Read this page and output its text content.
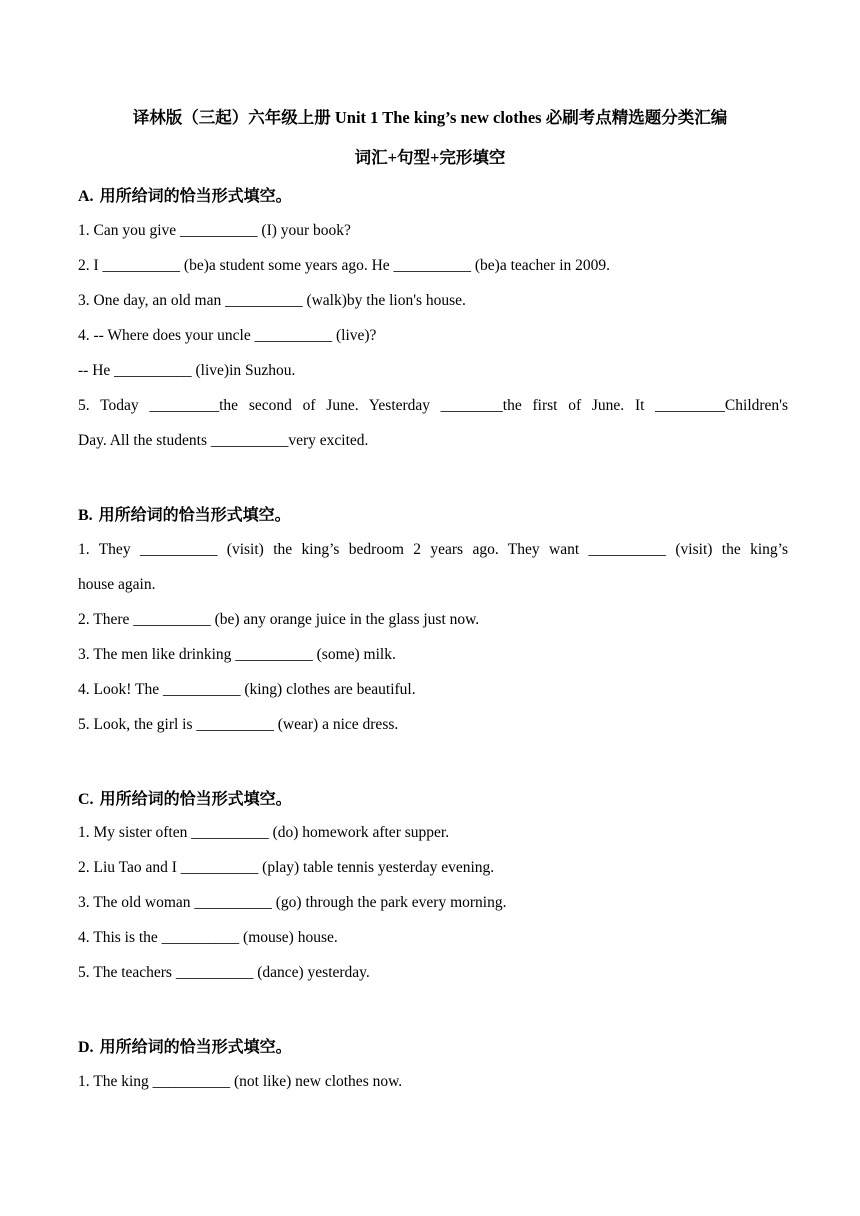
译林版（三起）六年级上册 Unit 1 The king’s new clothes 必刷考点精选题分类汇编
词汇+句型+完形填空
A. 用所给词的恰当形式填空。
1. Can you give __________ (I) your book?
2. I __________ (be)a student some years ago. He __________ (be)a teacher in 2009.
3. One day, an old man __________ (walk)by the lion's house.
4. -- Where does your uncle __________ (live)?
-- He __________ (live)in Suzhou.
5. Today _________the second of June. Yesterday ________the first of June. It _________Children's
Day. All the students __________very excited.
B. 用所给词的恰当形式填空。
1. They __________ (visit) the king’s bedroom 2 years ago. They want __________ (visit) the king’s
house again.
2. There __________ (be) any orange juice in the glass just now.
3. The men like drinking __________ (some) milk.
4. Look! The __________ (king) clothes are beautiful.
5. Look, the girl is __________ (wear) a nice dress.
C. 用所给词的恰当形式填空。
1. My sister often __________ (do) homework after supper.
2. Liu Tao and I __________ (play) table tennis yesterday evening.
3. The old woman __________ (go) through the park every morning.
4. This is the __________ (mouse) house.
5. The teachers __________ (dance) yesterday.
D. 用所给词的恰当形式填空。
1. The king __________ (not like) new clothes now.
